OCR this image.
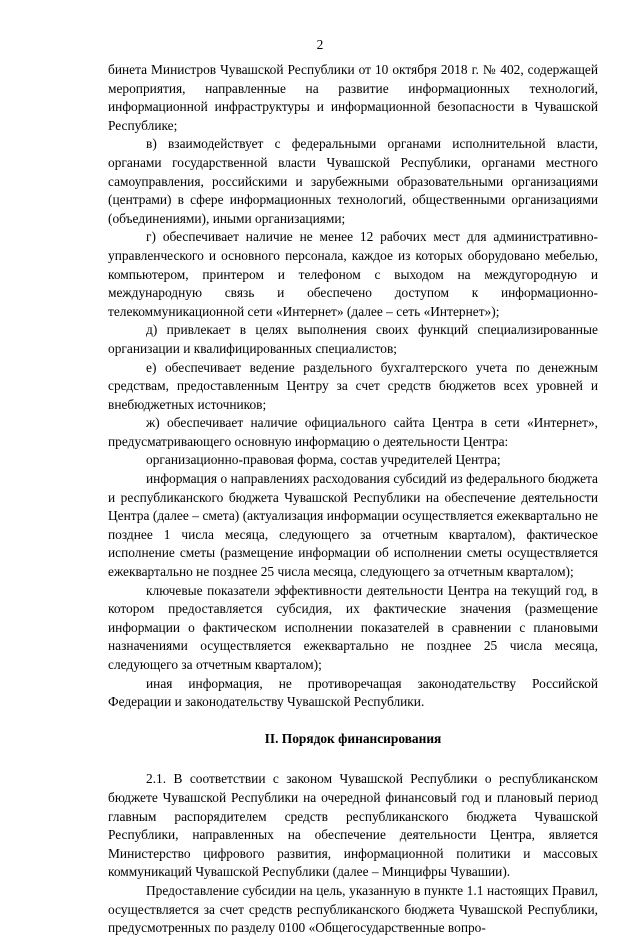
2

бинета Министров Чувашской Республики от 10 октября 2018 г. № 402, содержащей мероприятия, направленные на развитие информационных технологий, информационной инфраструктуры и информационной безопасности в Чувашской Республике;

в) взаимодействует с федеральными органами исполнительной власти, органами государственной власти Чувашской Республики, органами местного самоуправления, российскими и зарубежными образовательными организациями (центрами) в сфере информационных технологий, общественными организациями (объединениями), иными организациями;

г) обеспечивает наличие не менее 12 рабочих мест для административно-управленческого и основного персонала, каждое из которых оборудовано мебелью, компьютером, принтером и телефоном с выходом на междугородную и международную связь и обеспечено доступом к информационно-телекоммуникационной сети «Интернет» (далее – сеть «Интернет»);

д) привлекает в целях выполнения своих функций специализированные организации и квалифицированных специалистов;

е) обеспечивает ведение раздельного бухгалтерского учета по денежным средствам, предоставленным Центру за счет средств бюджетов всех уровней и внебюджетных источников;

ж) обеспечивает наличие официального сайта Центра в сети «Интернет», предусматривающего основную информацию о деятельности Центра:

организационно-правовая форма, состав учредителей Центра;

информация о направлениях расходования субсидий из федерального бюджета и республиканского бюджета Чувашской Республики на обеспечение деятельности Центра (далее – смета) (актуализация информации осуществляется ежеквартально не позднее 1 числа месяца, следующего за отчетным кварталом), фактическое исполнение сметы (размещение информации об исполнении сметы осуществляется ежеквартально не позднее 25 числа месяца, следующего за отчетным кварталом);

ключевые показатели эффективности деятельности Центра на текущий год, в котором предоставляется субсидия, их фактические значения (размещение информации о фактическом исполнении показателей в сравнении с плановыми назначениями осуществляется ежеквартально не позднее 25 числа месяца, следующего за отчетным кварталом);

иная информация, не противоречащая законодательству Российской Федерации и законодательству Чувашской Республики.

II. Порядок финансирования

2.1. В соответствии с законом Чувашской Республики о республиканском бюджете Чувашской Республики на очередной финансовый год и плановый период главным распорядителем средств республиканского бюджета Чувашской Республики, направленных на обеспечение деятельности Центра, является Министерство цифрового развития, информационной политики и массовых коммуникаций Чувашской Республики (далее – Минцифры Чувашии).

Предоставление субсидии на цель, указанную в пункте 1.1 настоящих Правил, осуществляется за счет средств республиканского бюджета Чувашской Республики, предусмотренных по разделу 0100 «Общегосударственные вопро-
